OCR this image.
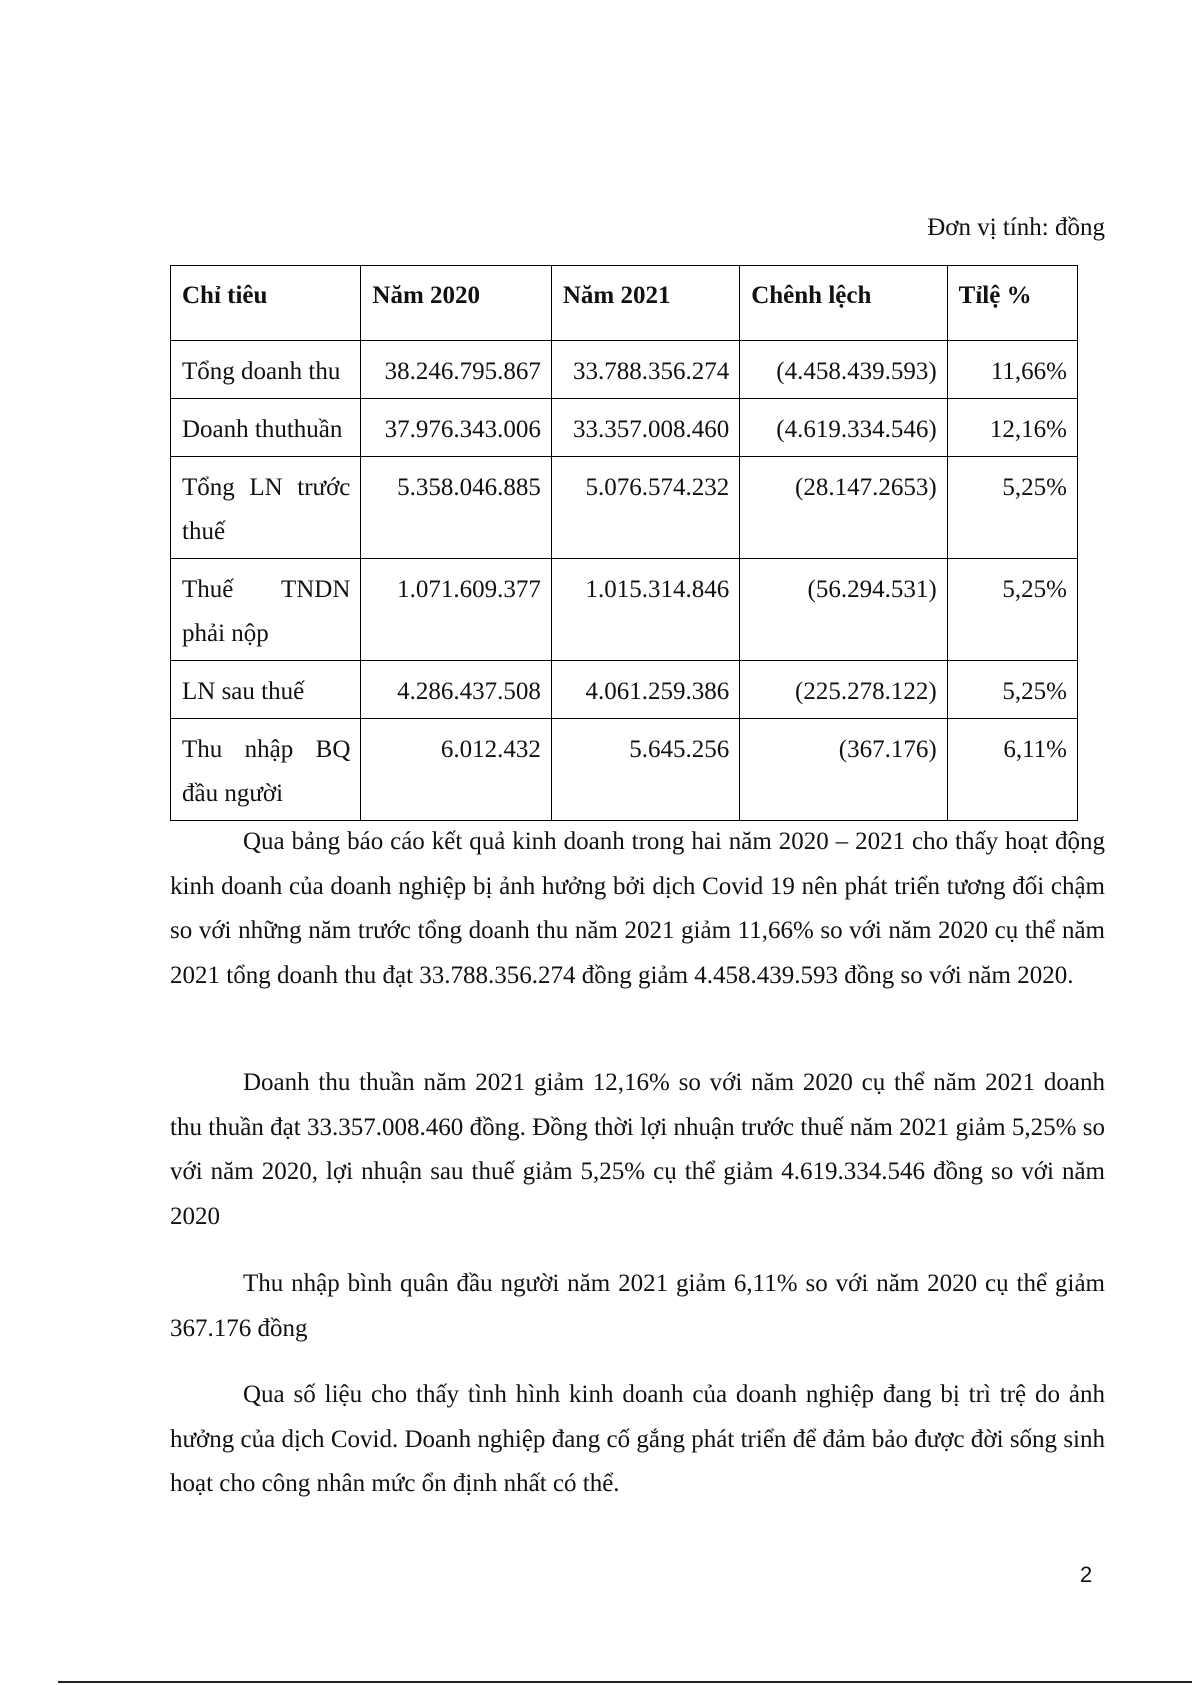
Đơn vị tính: đồng
Chỉ tiêu	Năm 2020	Năm 2021	Chênh lệch	Tỉlệ %
Tổng doanh thu	38.246.795.867	33.788.356.274	(4.458.439.593)	11,66%
Doanh thuthuần	37.976.343.006	33.357.008.460	(4.619.334.546)	12,16%
Tổng LN trước thuế	5.358.046.885	5.076.574.232	(28.147.2653)	5,25%
Thuế TNDN phải nộp	1.071.609.377	1.015.314.846	(56.294.531)	5,25%
LN sau thuế	4.286.437.508	4.061.259.386	(225.278.122)	5,25%
Thu nhập BQ đầu người	6.012.432	5.645.256	(367.176)	6,11%

Qua bảng báo cáo kết quả kinh doanh trong hai năm 2020 – 2021 cho thấy hoạt động kinh doanh của doanh nghiệp bị ảnh hưởng bởi dịch Covid 19 nên phát triển tương đối chậm so với những năm trước tổng doanh thu năm 2021 giảm 11,66% so với năm 2020 cụ thể năm 2021 tổng doanh thu đạt 33.788.356.274 đồng giảm 4.458.439.593 đồng so với năm 2020.

Doanh thu thuần năm 2021 giảm 12,16% so với năm 2020 cụ thể năm 2021 doanh thu thuần đạt 33.357.008.460 đồng. Đồng thời lợi nhuận trước thuế năm 2021 giảm 5,25% so với năm 2020, lợi nhuận sau thuế giảm 5,25% cụ thể giảm 4.619.334.546 đồng so với năm 2020

Thu nhập bình quân đầu người năm 2021 giảm 6,11% so với năm 2020 cụ thể giảm 367.176 đồng

Qua số liệu cho thấy tình hình kinh doanh của doanh nghiệp đang bị trì trệ do ảnh hưởng của dịch Covid. Doanh nghiệp đang cố gắng phát triển để đảm bảo được đời sống sinh hoạt cho công nhân mức ổn định nhất có thể.

2
